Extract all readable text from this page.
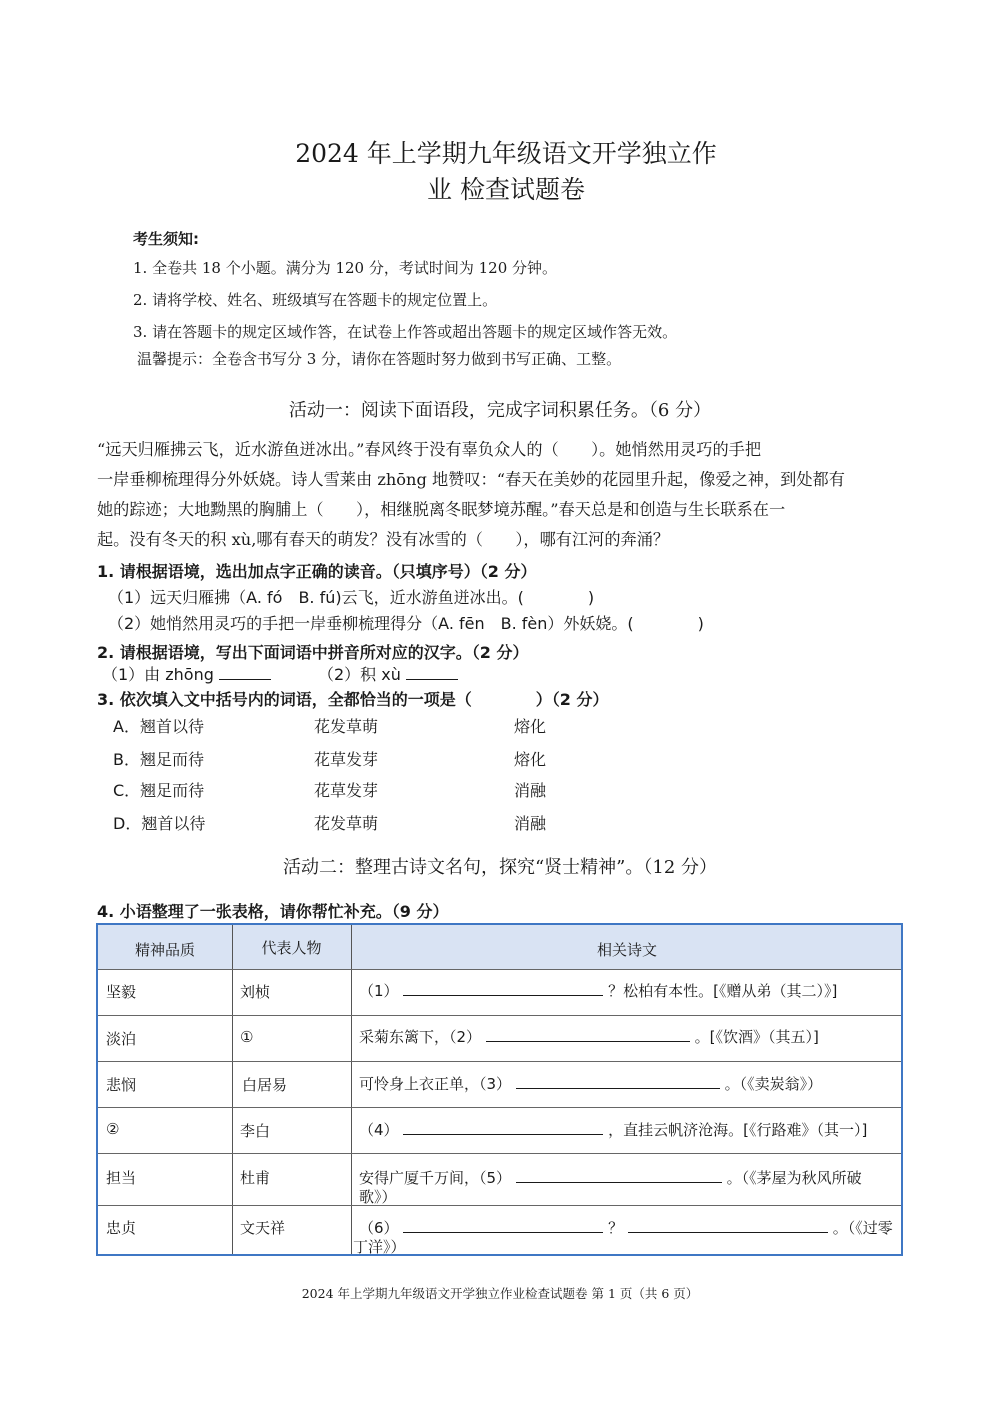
2024 年上学期九年级语文开学独立作
业 检查试题卷
考生须知:
1. 全卷共 18 个小题。满分为 120 分，考试时间为 120 分钟。
2. 请将学校、姓名、班级填写在答题卡的规定位置上。
3. 请在答题卡的规定区域作答，在试卷上作答或超出答题卡的规定区域作答无效。
温馨提示：全卷含书写分 3 分，请你在答题时努力做到书写正确、工整。
活动一：阅读下面语段，完成字词积累任务。（6 分）
“远天归雁拂云飞，近水游鱼迸冰出。”春风终于没有辜负众人的（　　）。她悄然用灵巧的手把
一岸垂柳梳理得分外妖娆。诗人雪莱由 zhōng 地赞叹：“春天在美妙的花园里升起，像爱之神，到处都有
她的踪迹；大地黝黑的胸脯上（　　），相继脱离冬眠梦境苏醒。”春天总是和创造与生长联系在一
起。没有冬天的积 xù,哪有春天的萌发？没有冰雪的（　　），哪有江河的奔涌？
1. 请根据语境，选出加点字正确的读音。（只填序号）（2 分）
（1）远天归雁拂（A. fó　B. fú)云飞，近水游鱼迸冰出。(　　　　)
（2）她悄然用灵巧的手把一岸垂柳梳理得分（A. fēn　B. fèn）外妖娆。(　　　　)
2. 请根据语境，写出下面词语中拼音所对应的汉字。（2 分）
（1）由 zhōng	（2）积 xù
3. 依次填入文中括号内的词语，全都恰当的一项是（　　　　）（2 分）
A．翘首以待	花发草萌	熔化
B．翘足而待	花草发芽	熔化
C．翘足而待	花草发芽	消融
D．翘首以待	花发草萌	消融
活动二：整理古诗文名句，探究“贤士精神”。（12 分）
4. 小语整理了一张表格，请你帮忙补充。（9 分）
精神品质	代表人物	相关诗文
坚毅	刘桢	（1）	？松柏有本性。[《赠从弟（其二）》]
淡泊	①	采菊东篱下，（2）	。[《饮酒》（其五）]
悲悯	白居易	可怜身上衣正单，（3）	。（《卖炭翁》）
②	李白	（4）	，直挂云帆济沧海。[《行路难》（其一）]
担当	杜甫	安得广厦千万间，（5）	。（《茅屋为秋风所破
歌》）
忠贞	文天祥	（6）	？	。（《过零
丁洋》）
2024 年上学期九年级语文开学独立作业检查试题卷 第 1 页（共 6 页）
